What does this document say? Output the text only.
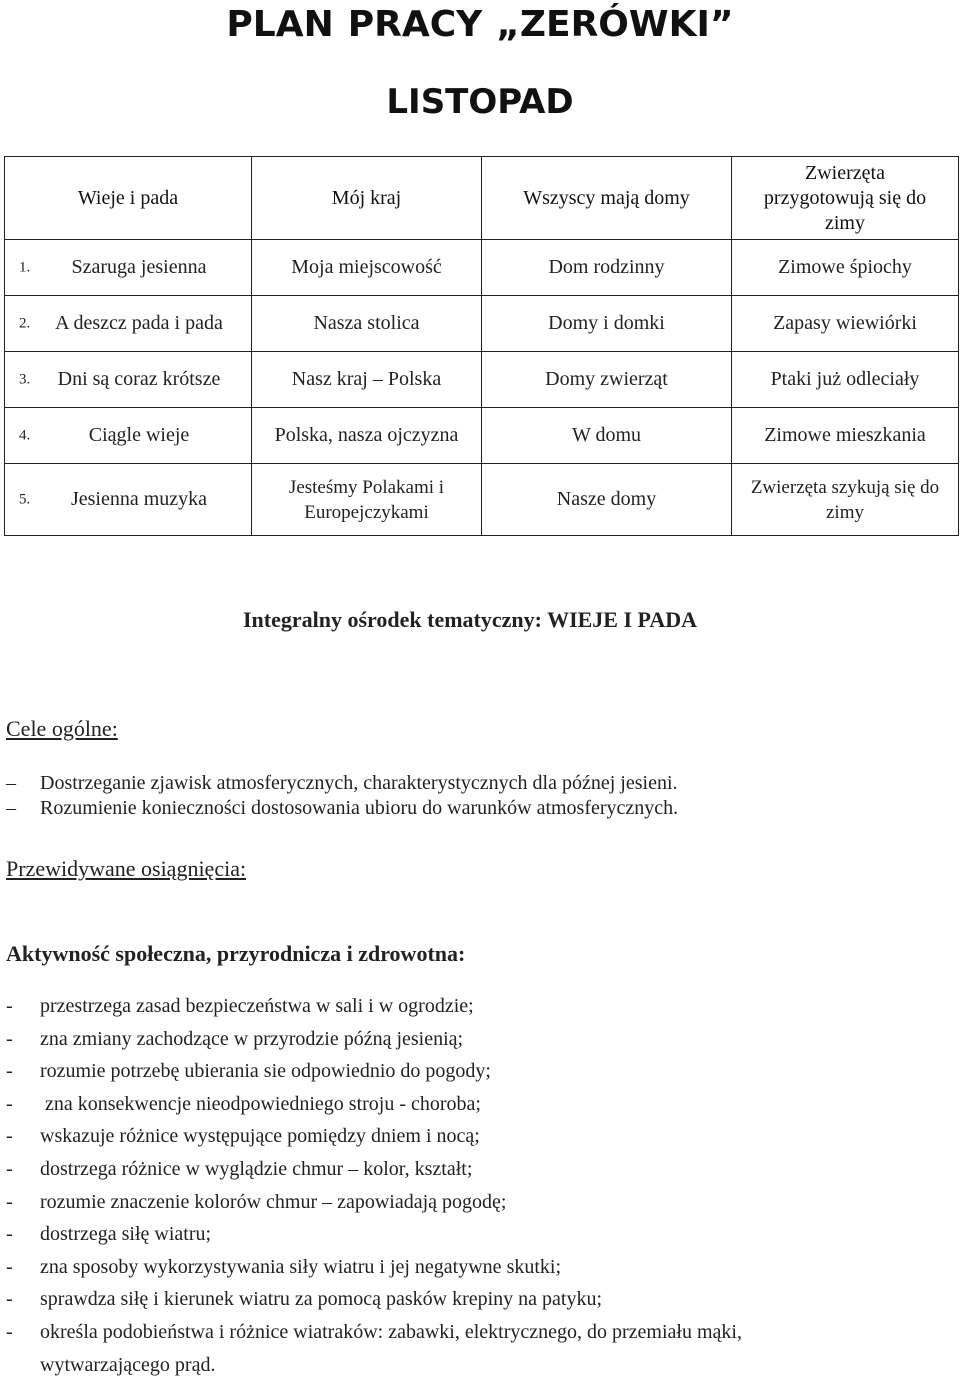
PLAN PRACY „ZERÓWKI”
LISTOPAD
Wieje i pada	Mój kraj	Wszyscy mają domy	Zwierzęta przygotowują się do zimy

1. Szaruga jesienna	Moja miejscowość	Dom rodzinny	Zimowe śpiochy

2. A deszcz pada i pada	Nasza stolica	Domy i domki	Zapasy wiewiórki

3. Dni są coraz krótsze	Nasz kraj – Polska	Domy zwierząt	Ptaki już odleciały

4. Ciągle wieje	Polska, nasza ojczyzna	W domu	Zimowe mieszkania

5. Jesienna muzyka	Jesteśmy Polakami i Europejczykami	Nasze domy	Zwierzęta szykują się do zimy
Integralny ośrodek tematyczny: WIEJE I PADA
Cele ogólne:
– Dostrzeganie zjawisk atmosferycznych, charakterystycznych dla późnej jesieni.
– Rozumienie konieczności dostosowania ubioru do warunków atmosferycznych.
Przewidywane osiągnięcia:
Aktywność społeczna, przyrodnicza i zdrowotna:
- przestrzega zasad bezpieczeństwa w sali i w ogrodzie;
- zna zmiany zachodzące w przyrodzie późną jesienią;
- rozumie potrzebę ubierania sie odpowiednio do pogody;
- zna konsekwencje nieodpowiedniego stroju - choroba;
- wskazuje różnice występujące pomiędzy dniem i nocą;
- dostrzega różnice w wyglądzie chmur – kolor, kształt;
- rozumie znaczenie kolorów chmur – zapowiadają pogodę;
- dostrzega siłę wiatru;
- zna sposoby wykorzystywania siły wiatru i jej negatywne skutki;
- sprawdza siłę i kierunek wiatru za pomocą pasków krepiny na patyku;
- określa podobieństwa i różnice wiatraków: zabawki, elektrycznego, do przemiału mąki,
wytwarzającego prąd.
